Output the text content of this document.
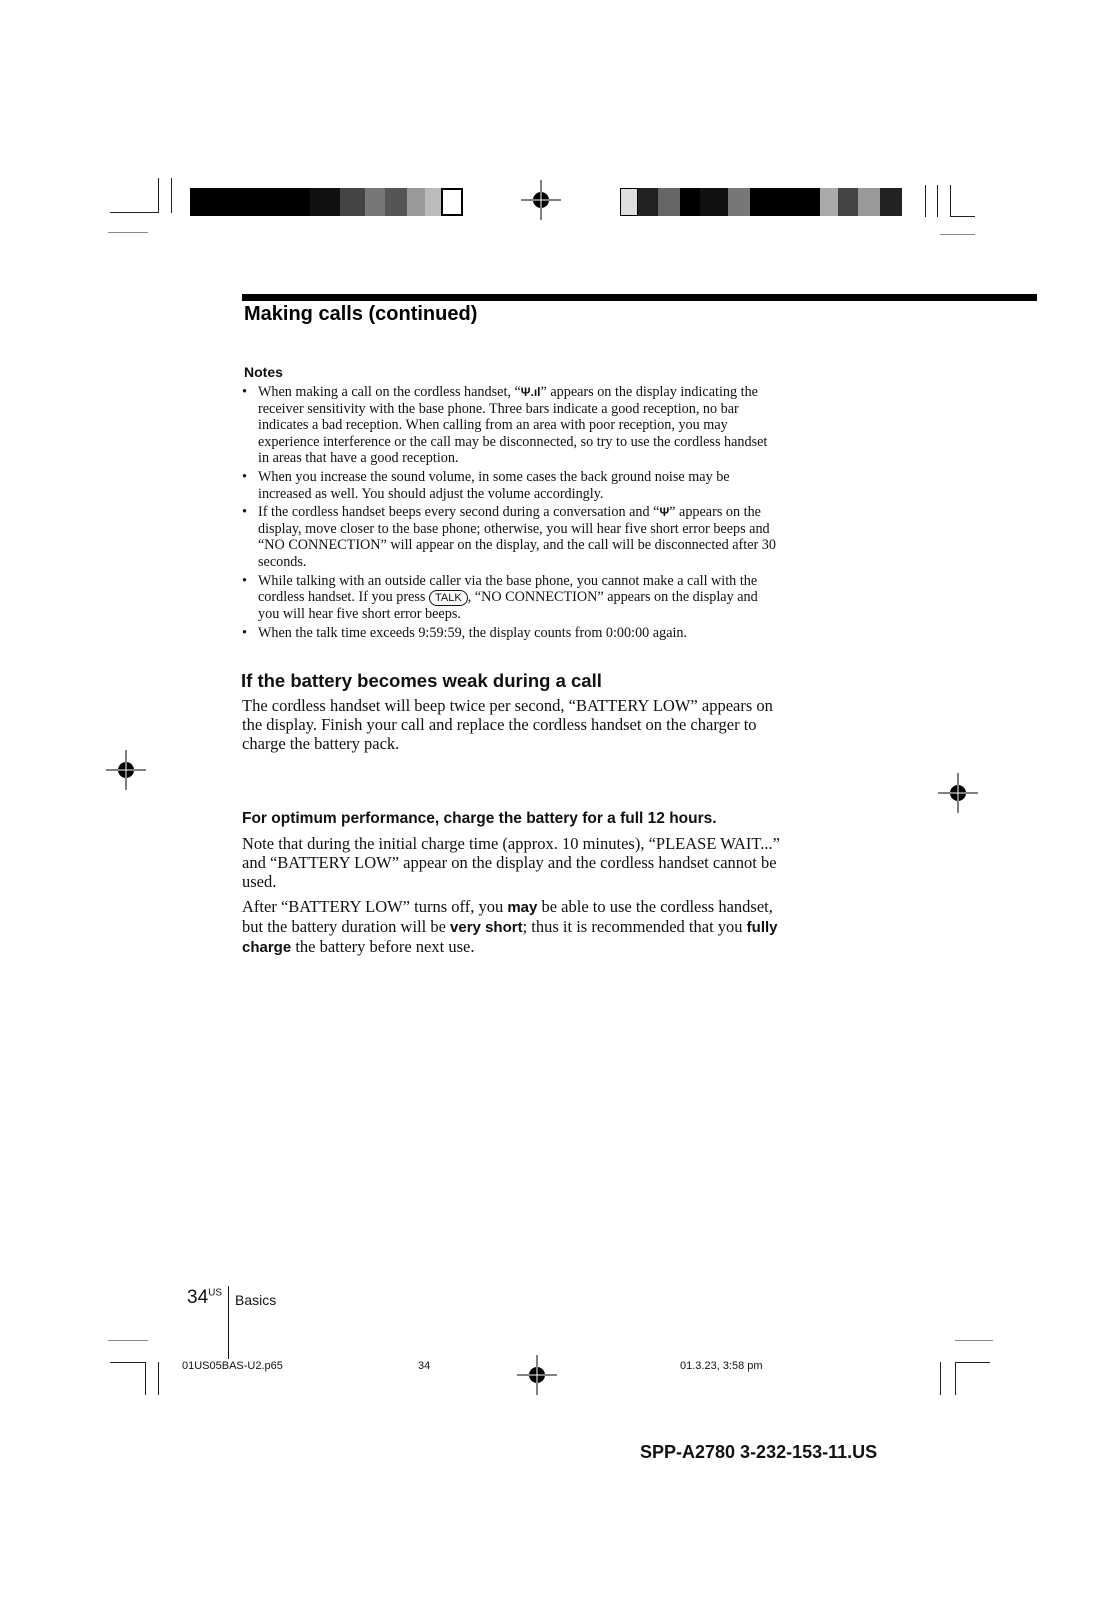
Making calls (continued)
Notes
• When making a call on the cordless handset, “Ψ.ıl” appears on the display indicating the receiver sensitivity with the base phone. Three bars indicate a good reception, no bar indicates a bad reception. When calling from an area with poor reception, you may experience interference or the call may be disconnected, so try to use the cordless handset in areas that have a good reception.
• When you increase the sound volume, in some cases the back ground noise may be increased as well. You should adjust the volume accordingly.
• If the cordless handset beeps every second during a conversation and “Ψ” appears on the display, move closer to the base phone; otherwise, you will hear five short error beeps and “NO CONNECTION” will appear on the display, and the call will be disconnected after 30 seconds.
• While talking with an outside caller via the base phone, you cannot make a call with the cordless handset. If you press TALK , “NO CONNECTION” appears on the display and you will hear five short error beeps.
• When the talk time exceeds 9:59:59, the display counts from 0:00:00 again.
If the battery becomes weak during a call

The cordless handset will beep twice per second, “BATTERY LOW” appears on the display. Finish your call and replace the cordless handset on the charger to charge the battery pack.

For optimum performance, charge the battery for a full 12 hours.

Note that during the initial charge time (approx. 10 minutes), “PLEASE WAIT...” and “BATTERY LOW” appear on the display and the cordless handset cannot be used.

After “BATTERY LOW” turns off, you may be able to use the cordless handset, but the battery duration will be very short; thus it is recommended that you fully charge the battery before next use.

$34^{US}$ Basics
01US05BAS-U2.p65	34	01.3.23, 3:58 pm
SPP-A2780 3-232-153-11.US
